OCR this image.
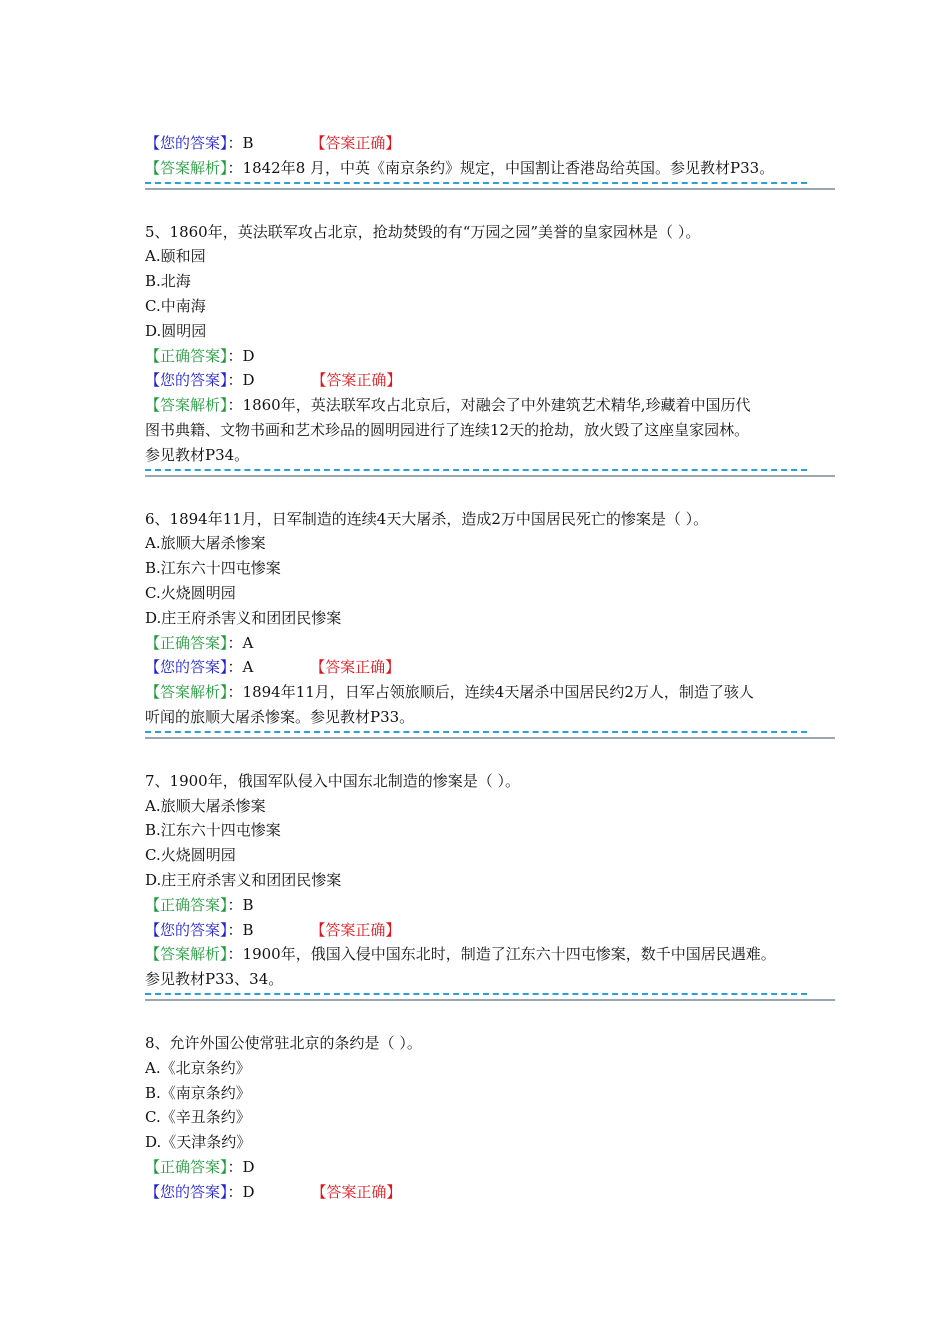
【您的答案】：B	【答案正确】
【答案解析】：1842年8 月，中英《南京条约》规定，中国割让香港岛给英国。参见教材P33。
5、1860年，英法联军攻占北京，抢劫焚毁的有“万园之园”美誉的皇家园林是（ ）。
A.颐和园
B.北海
C.中南海
D.圆明园
【正确答案】：D
【您的答案】：D	【答案正确】
【答案解析】：1860年，英法联军攻占北京后，对融会了中外建筑艺术精华,珍藏着中国历代
图书典籍、文物书画和艺术珍品的圆明园进行了连续12天的抢劫，放火毁了这座皇家园林。
参见教材P34。
6、1894年11月，日军制造的连续4天大屠杀，造成2万中国居民死亡的惨案是（ ）。
A.旅顺大屠杀惨案
B.江东六十四屯惨案
C.火烧圆明园
D.庄王府杀害义和团团民惨案
【正确答案】：A
【您的答案】：A	【答案正确】
【答案解析】：1894年11月，日军占领旅顺后，连续4天屠杀中国居民约2万人，制造了骇人
听闻的旅顺大屠杀惨案。参见教材P33。
7、1900年，俄国军队侵入中国东北制造的惨案是（ ）。
A.旅顺大屠杀惨案
B.江东六十四屯惨案
C.火烧圆明园
D.庄王府杀害义和团团民惨案
【正确答案】：B
【您的答案】：B	【答案正确】
【答案解析】：1900年，俄国入侵中国东北时，制造了江东六十四屯惨案，数千中国居民遇难。
参见教材P33、34。
8、允许外国公使常驻北京的条约是（ ）。
A.《北京条约》
B.《南京条约》
C.《辛丑条约》
D.《天津条约》
【正确答案】：D
【您的答案】：D	【答案正确】
